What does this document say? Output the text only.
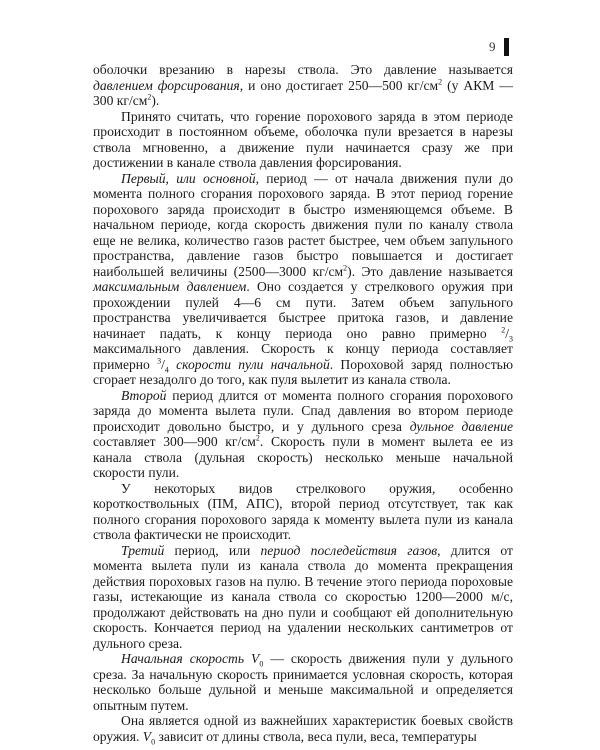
9

оболочки врезанию в нарезы ствола. Это давление называется давлением форсирования, и оно достигает 250—500 $кг/см^2$ (у АКМ — 300 $кг/см^2$).

Принято считать, что горение порохового заряда в этом периоде происходит в постоянном объеме, оболочка пули врезается в нарезы ствола мгновенно, а движение пули начинается сразу же при достижении в канале ствола давления форсирования.

Первый, или основной, период — от начала движения пули до момента полного сгорания порохового заряда. В этот период горение порохового заряда происходит в быстро изменяющемся объеме. В начальном периоде, когда скорость движения пули по каналу ствола еще не велика, количество газов растет быстрее, чем объем запульного пространства, давление газов быстро повышается и достигает наибольшей величины (2500—3000 $кг/см^2$). Это давление называется максимальным давлением. Оно создается у стрелкового оружия при прохождении пулей 4—6 см пути. Затем объем запульного пространства увеличивается быстрее притока газов, и давление начинает падать, к концу периода оно равно примерно $^2/_3$ максимального давления. Скорость к концу периода составляет примерно $^3/_4$ скорости пули начальной. Пороховой заряд полностью сгорает незадолго до того, как пуля вылетит из канала ствола.

Второй период длится от момента полного сгорания порохового заряда до момента вылета пули. Спад давления во втором периоде происходит довольно быстро, и у дульного среза дульное давление составляет 300—900 $кг/см^2$. Скорость пули в момент вылета ее из канала ствола (дульная скорость) несколько меньше начальной скорости пули.

У некоторых видов стрелкового оружия, особенно короткоствольных (ПМ, АПС), второй период отсутствует, так как полного сгорания порохового заряда к моменту вылета пули из канала ствола фактически не происходит.

Третий период, или период последействия газов, длится от момента вылета пули из канала ствола до момента прекращения действия пороховых газов на пулю. В течение этого периода пороховые газы, истекающие из канала ствола со скоростью 1200—2000 м/с, продолжают действовать на дно пули и сообщают ей дополнительную скорость. Кончается период на удалении нескольких сантиметров от дульного среза.

Начальная скорость $V_0$ — скорость движения пули у дульного среза. За начальную скорость принимается условная скорость, которая несколько больше дульной и меньше максимальной и определяется опытным путем.

Она является одной из важнейших характеристик боевых свойств оружия. $V_0$ зависит от длины ствола, веса пули, веса, температуры
